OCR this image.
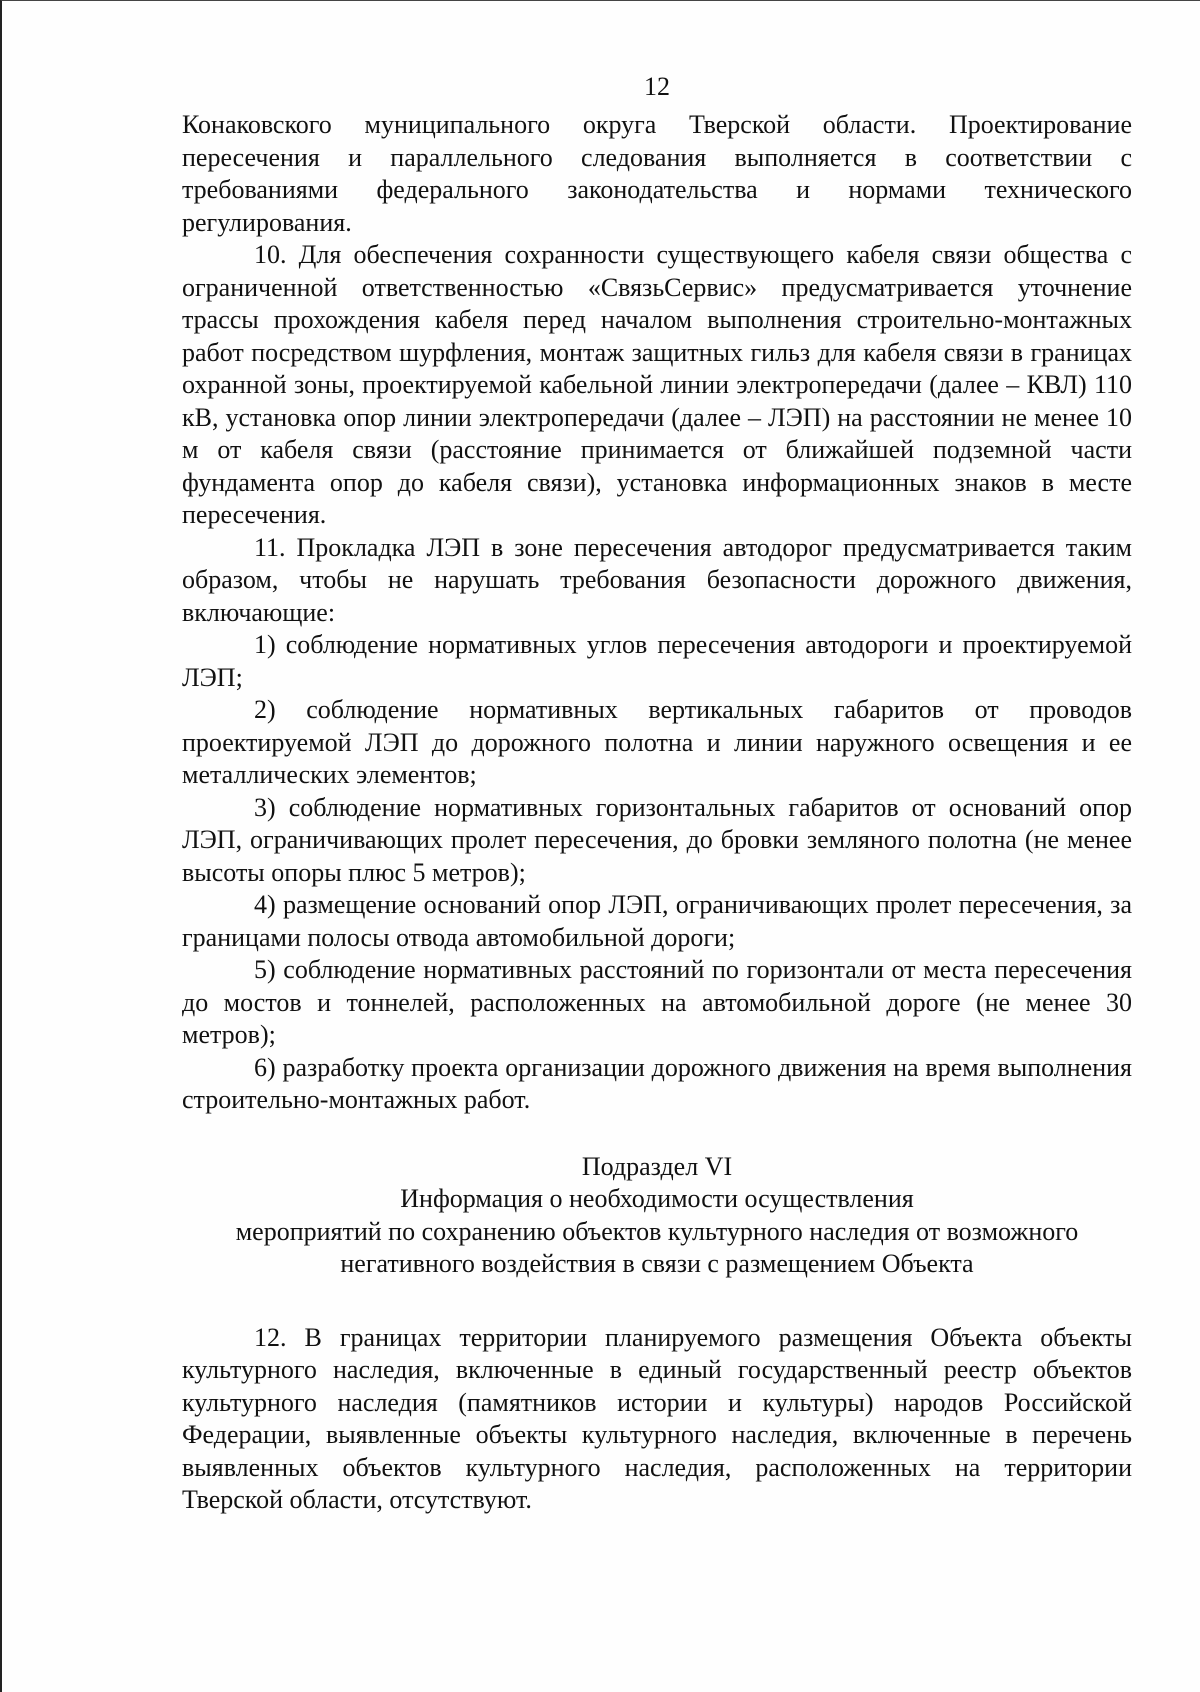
12

Конаковского муниципального округа Тверской области. Проектирование пересечения и параллельного следования выполняется в соответствии с требованиями федерального законодательства и нормами технического регулирования.

10. Для обеспечения сохранности существующего кабеля связи общества с ограниченной ответственностью «СвязьСервис» предусматривается уточнение трассы прохождения кабеля перед началом выполнения строительно-монтажных работ посредством шурфления, монтаж защитных гильз для кабеля связи в границах охранной зоны, проектируемой кабельной линии электропередачи (далее – КВЛ) 110 кВ, установка опор линии электропередачи (далее – ЛЭП) на расстоянии не менее 10 м от кабеля связи (расстояние принимается от ближайшей подземной части фундамента опор до кабеля связи), установка информационных знаков в месте пересечения.

11. Прокладка ЛЭП в зоне пересечения автодорог предусматривается таким образом, чтобы не нарушать требования безопасности дорожного движения, включающие:

1) соблюдение нормативных углов пересечения автодороги и проектируемой ЛЭП;

2) соблюдение нормативных вертикальных габаритов от проводов проектируемой ЛЭП до дорожного полотна и линии наружного освещения и ее металлических элементов;

3) соблюдение нормативных горизонтальных габаритов от оснований опор ЛЭП, ограничивающих пролет пересечения, до бровки земляного полотна (не менее высоты опоры плюс 5 метров);

4) размещение оснований опор ЛЭП, ограничивающих пролет пересечения, за границами полосы отвода автомобильной дороги;

5) соблюдение нормативных расстояний по горизонтали от места пересечения до мостов и тоннелей, расположенных на автомобильной дороге (не менее 30 метров);

6) разработку проекта организации дорожного движения на время выполнения строительно-монтажных работ.

Подраздел VI
Информация о необходимости осуществления
мероприятий по сохранению объектов культурного наследия от возможного
негативного воздействия в связи с размещением Объекта

12. В границах территории планируемого размещения Объекта объекты культурного наследия, включенные в единый государственный реестр объектов культурного наследия (памятников истории и культуры) народов Российской Федерации, выявленные объекты культурного наследия, включенные в перечень выявленных объектов культурного наследия, расположенных на территории Тверской области, отсутствуют.
